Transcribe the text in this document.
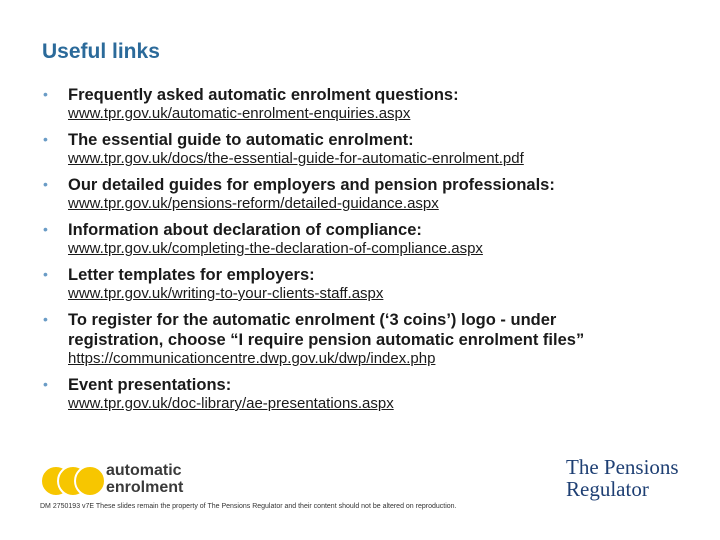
Useful links
• Frequently asked automatic enrolment questions:
www.tpr.gov.uk/automatic-enrolment-enquiries.aspx
• The essential guide to automatic enrolment:
www.tpr.gov.uk/docs/the-essential-guide-for-automatic-enrolment.pdf
• Our detailed guides for employers and pension professionals:
www.tpr.gov.uk/pensions-reform/detailed-guidance.aspx
• Information about declaration of compliance:
www.tpr.gov.uk/completing-the-declaration-of-compliance.aspx
• Letter templates for employers:
www.tpr.gov.uk/writing-to-your-clients-staff.aspx
• To register for the automatic enrolment (‘3 coins’) logo - under registration, choose “I require pension automatic enrolment files”
https://communicationcentre.dwp.gov.uk/dwp/index.php
• Event presentations:
www.tpr.gov.uk/doc-library/ae-presentations.aspx
automatic
enrolment
The Pensions
Regulator
DM 2750193 v7E These slides remain the property of The Pensions Regulator and their content should not be altered on reproduction.
